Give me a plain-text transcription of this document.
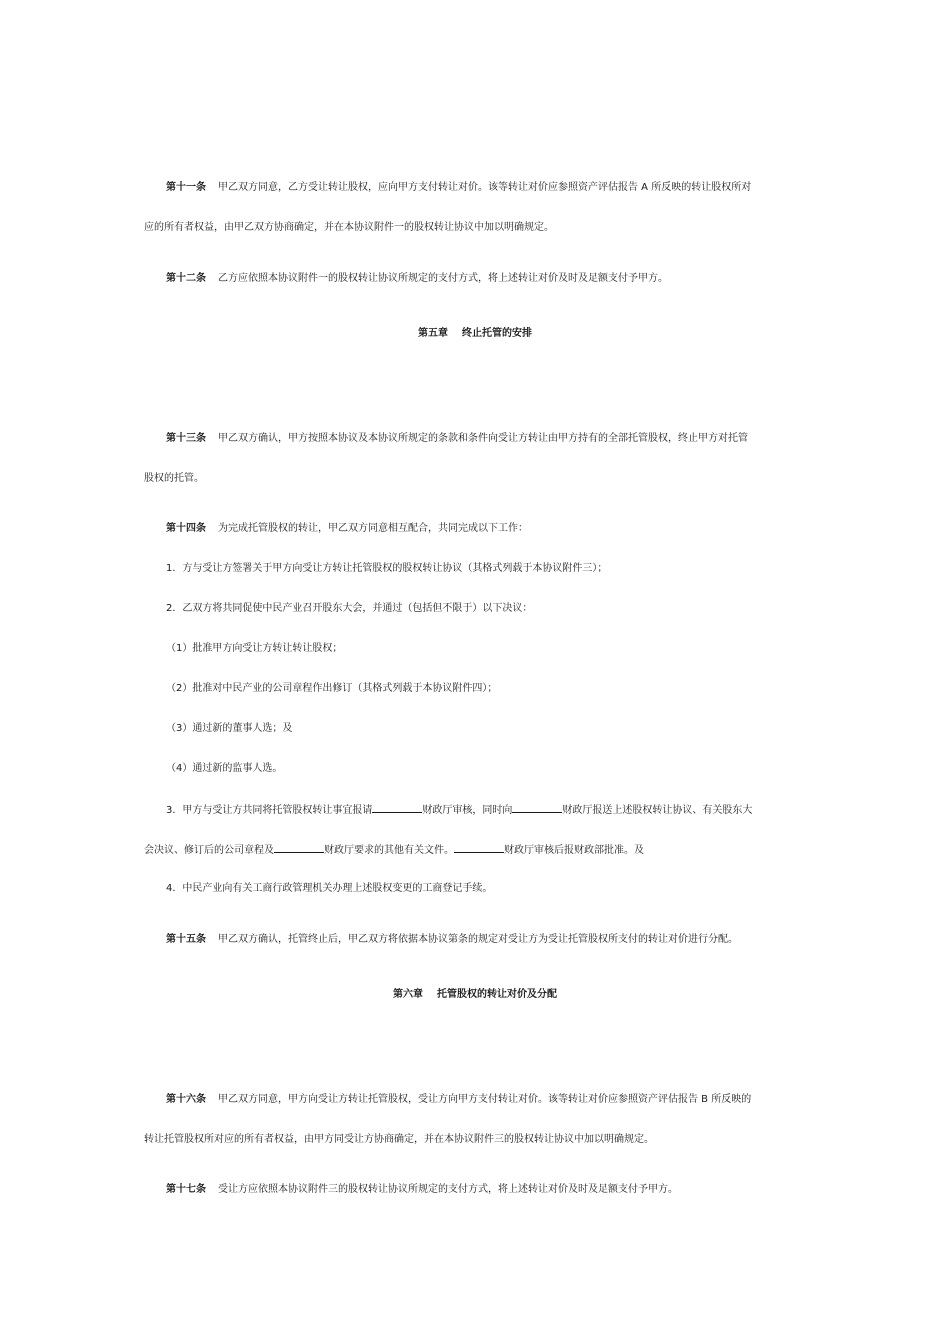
第十一条 甲乙双方同意，乙方受让转让股权，应向甲方支付转让对价。该等转让对价应参照资产评估报告 A 所反映的转让股权所对
应的所有者权益，由甲乙双方协商确定，并在本协议附件一的股权转让协议中加以明确规定。
第十二条 乙方应依照本协议附件一的股权转让协议所规定的支付方式，将上述转让对价及时及足额支付予甲方。
第五章 终止托管的安排
第十三条 甲乙双方确认，甲方按照本协议及本协议所规定的条款和条件向受让方转让由甲方持有的全部托管股权，终止甲方对托管
股权的托管。
第十四条 为完成托管股权的转让，甲乙双方同意相互配合，共同完成以下工作：
1．方与受让方签署关于甲方向受让方转让托管股权的股权转让协议（其格式列载于本协议附件三）；
2．乙双方将共同促使中民产业召开股东大会，并通过（包括但不限于）以下决议：
（1）批准甲方向受让方转让转让股权；
（2）批准对中民产业的公司章程作出修订（其格式列载于本协议附件四）；
（3）通过新的董事人选；及
（4）通过新的监事人选。
3．甲方与受让方共同将托管股权转让事宜报请	财政厅审核，同时向	财政厅报送上述股权转让协议、有关股东大
会决议、修订后的公司章程及	财政厅要求的其他有关文件。	财政厅审核后报财政部批准。及
4．中民产业向有关工商行政管理机关办理上述股权变更的工商登记手续。
第十五条 甲乙双方确认，托管终止后，甲乙双方将依据本协议第条的规定对受让方为受让托管股权所支付的转让对价进行分配。
第六章 托管股权的转让对价及分配
第十六条 甲乙双方同意，甲方向受让方转让托管股权，受让方向甲方支付转让对价。该等转让对价应参照资产评估报告 B 所反映的
转让托管股权所对应的所有者权益，由甲方同受让方协商确定，并在本协议附件三的股权转让协议中加以明确规定。
第十七条 受让方应依照本协议附件三的股权转让协议所规定的支付方式，将上述转让对价及时及足额支付予甲方。
